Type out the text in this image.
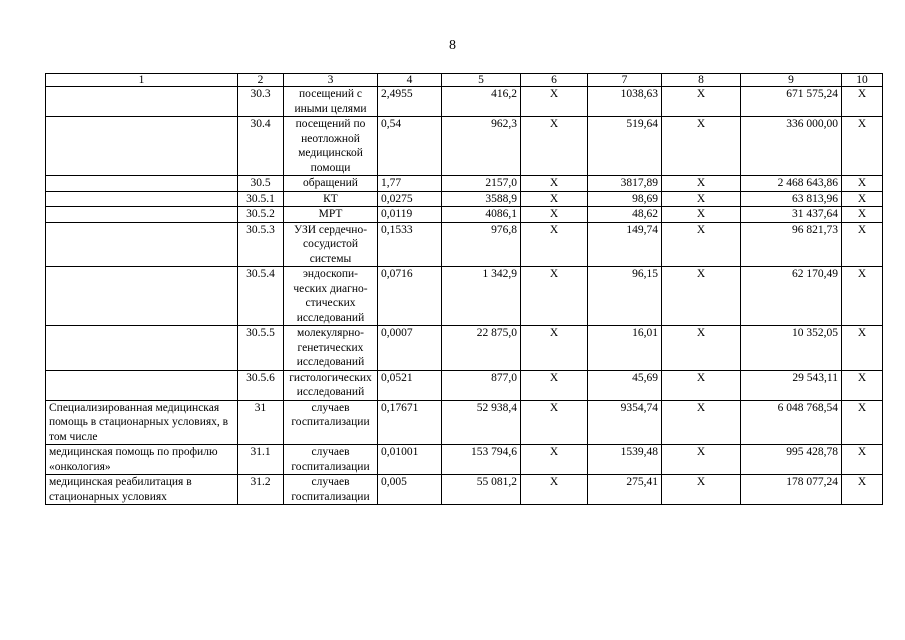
8
1	2	3	4	5	6	7	8	9	10
	30.3	посещений с иными целями	2,4955	416,2	Х	1038,63	Х	671 575,24	Х
	30.4	посещений по неотложной медицинской помощи	0,54	962,3	Х	519,64	Х	336 000,00	Х
	30.5	обращений	1,77	2157,0	Х	3817,89	Х	2 468 643,86	Х
	30.5.1	КТ	0,0275	3588,9	Х	98,69	Х	63 813,96	Х
	30.5.2	МРТ	0,0119	4086,1	Х	48,62	Х	31 437,64	Х
	30.5.3	УЗИ сердечно-сосудистой системы	0,1533	976,8	Х	149,74	Х	96 821,73	Х
	30.5.4	эндоскопи-ческих диагно-стических исследований	0,0716	1 342,9	Х	96,15	Х	62 170,49	Х
	30.5.5	молекулярно-генетических исследований	0,0007	22 875,0	Х	16,01	Х	10 352,05	Х
	30.5.6	гистологических исследований	0,0521	877,0	Х	45,69	Х	29 543,11	Х
Специализированная медицинская помощь в стационарных условиях, в том числе	31	случаев госпитализации	0,17671	52 938,4	Х	9354,74	Х	6 048 768,54	Х
медицинская помощь по профилю «онкология»	31.1	случаев госпитализации	0,01001	153 794,6	Х	1539,48	Х	995 428,78	Х
медицинская реабилитация в стационарных условиях	31.2	случаев госпитализации	0,005	55 081,2	Х	275,41	Х	178 077,24	Х
